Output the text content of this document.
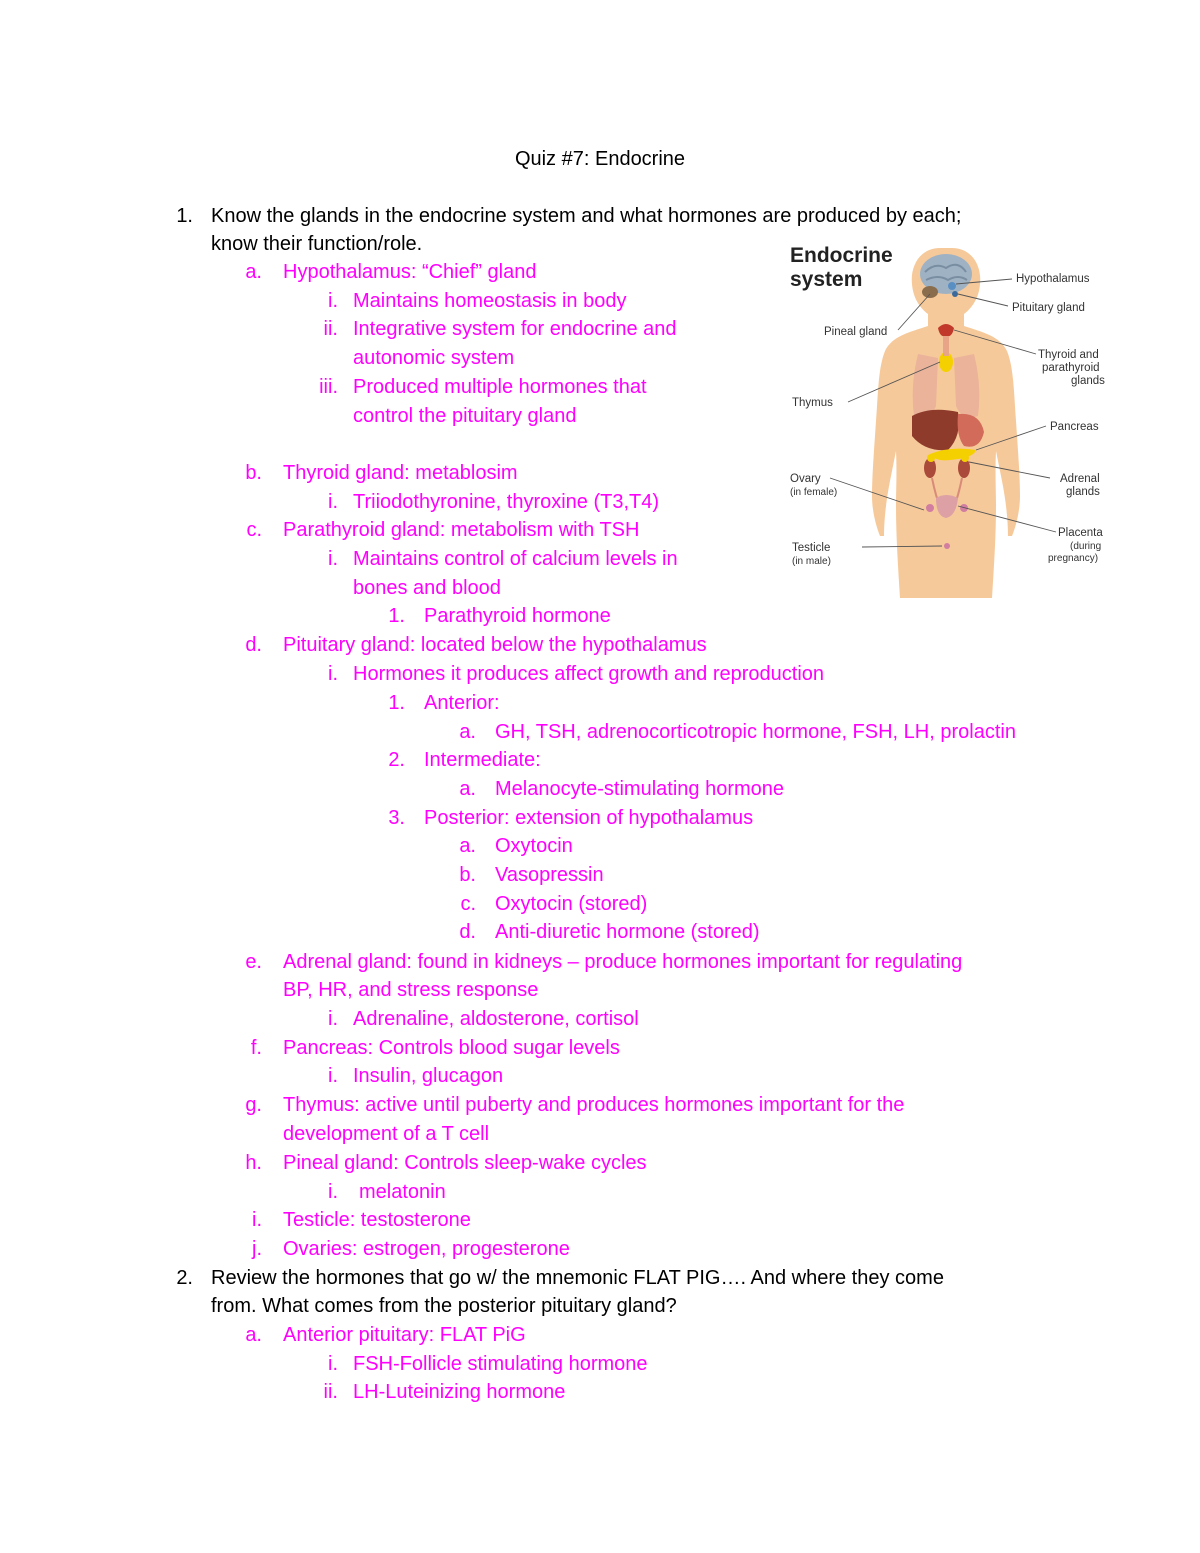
Quiz #7: Endocrine
1. Know the glands in the endocrine system and what hormones are produced by each;
know their function/role.
a. Hypothalamus: “Chief” gland
i. Maintains homeostasis in body
ii. Integrative system for endocrine and
autonomic system
iii. Produced multiple hormones that
control the pituitary gland
b. Thyroid gland: metablosim
i. Triiodothyronine, thyroxine (T3,T4)
c. Parathyroid gland: metabolism with TSH
i. Maintains control of calcium levels in
bones and blood
1. Parathyroid hormone
d. Pituitary gland: located below the hypothalamus
i. Hormones it produces affect growth and reproduction
1. Anterior:
a. GH, TSH, adrenocorticotropic hormone, FSH, LH, prolactin
2. Intermediate:
a. Melanocyte-stimulating hormone
3. Posterior: extension of hypothalamus
a. Oxytocin
b. Vasopressin
c. Oxytocin (stored)
d. Anti-diuretic hormone (stored)
e. Adrenal gland: found in kidneys – produce hormones important for regulating
BP, HR, and stress response
i. Adrenaline, aldosterone, cortisol
f. Pancreas: Controls blood sugar levels
i. Insulin, glucagon
g. Thymus: active until puberty and produces hormones important for the
development of a T cell
h. Pineal gland: Controls sleep-wake cycles
i. melatonin
i. Testicle: testosterone
j. Ovaries: estrogen, progesterone
2. Review the hormones that go w/ the mnemonic FLAT PIG…. And where they come
from. What comes from the posterior pituitary gland?
a. Anterior pituitary: FLAT PiG
i. FSH-Follicle stimulating hormone
ii. LH-Luteinizing hormone
Endocrine
system	Hypothalamus
Pituitary gland
Pineal gland
Thyroid and
parathyroid
glands
Thymus
Pancreas
Ovary
(in female)
Adrenal
glands
Testicle
(in male)
Placenta
(during
pregnancy)
